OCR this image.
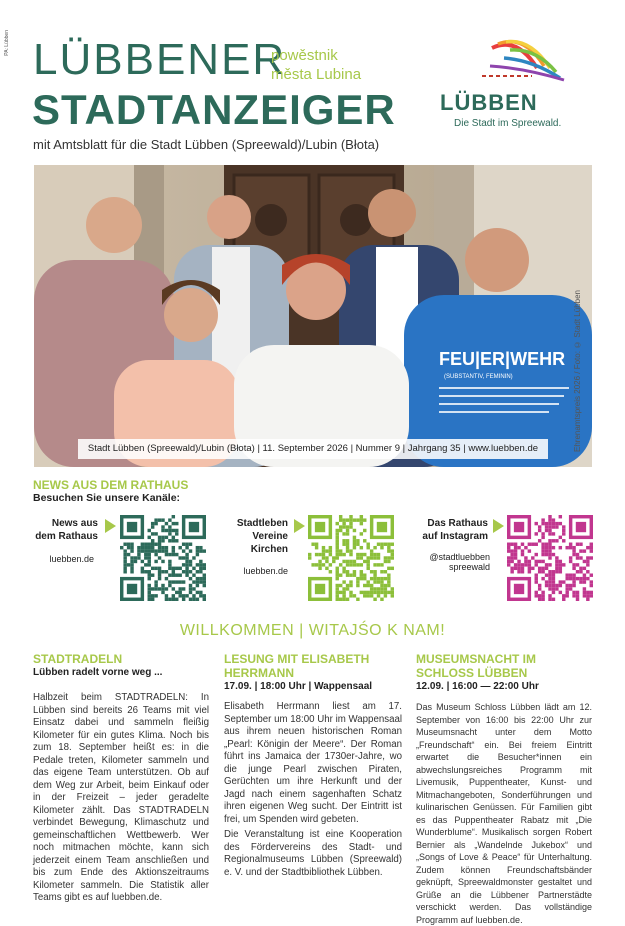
PA: Lübben LÜBBENER
powěstnik
města Lubina
STADTANZEIGER
mit Amtsblatt für die Stadt Lübben (Spreewald)/Lubin (Błota)
LÜBBEN
Die Stadt im Spreewald.
FEU|ER|WEHR
(SUBSTANTIV, FEMININ)
Stadt Lübben (Spreewald)/Lubin (Błota) | 11. September 2026 | Nummer 9 | Jahrgang 35 | www.luebben.de	Ehrenamtspreis 2026 / Foto: © Stadt Lübben
NEWS AUS DEM RATHAUS
Besuchen Sie unsere Kanäle:
News aus
dem Rathaus
luebben.de
Stadtleben
Vereine
Kirchen
luebben.de
Das Rathaus
auf Instagram
@stadtluebben
spreewald
WILLKOMMEN | WITAJŚO K NAM!
STADTRADELN
Lübben radelt vorne weg ...
Halbzeit beim STADTRADELN: In Lübben sind bereits 26 Teams mit viel Einsatz dabei und sammeln fleißig Kilometer für ein gutes Klima. Noch bis zum 18. September heißt es: in die Pedale treten, Kilometer sammeln und das eigene Team unterstützen. Ob auf dem Weg zur Arbeit, beim Einkauf oder in der Freizeit – jeder geradelte Kilometer zählt. Das STADTRADELN verbindet Bewegung, Klimaschutz und gemeinschaftlichen Wettbewerb. Wer noch mitmachen möchte, kann sich jederzeit einem Team anschließen und bis zum Ende des Aktionszeitraums Kilometer sammeln. Die Statistik aller Teams gibt es auf luebben.de.
LESUNG MIT ELISABETH
HERRMANN
17.09. | 18:00 Uhr | Wappensaal
Elisabeth Herrmann liest am 17. September um 18:00 Uhr im Wappensaal aus ihrem neuen historischen Roman „Pearl: Königin der Meere“. Der Roman führt ins Jamaica der 1730er-Jahre, wo die junge Pearl zwischen Piraten, Gerüchten um ihre Herkunft und der Jagd nach einem sagenhaften Schatz ihren eigenen Weg sucht. Der Eintritt ist frei, um Spenden wird gebeten.
Die Veranstaltung ist eine Kooperation des Fördervereins des Stadt- und Regionalmuseums Lübben (Spreewald) e. V. und der Stadtbibliothek Lübben.
MUSEUMSNACHT IM
SCHLOSS LÜBBEN
12.09. | 16:00 — 22:00 Uhr
Das Museum Schloss Lübben lädt am 12. September von 16:00 bis 22:00 Uhr zur Museumsnacht unter dem Motto „Freundschaft“ ein. Bei freiem Eintritt erwartet die Besucher*innen ein abwechslungsreiches Programm mit Livemusik, Puppentheater, Kunst- und Mitmachangeboten, Sonderführungen und kulinarischen Genüssen. Für Familien gibt es das Puppentheater Rabatz mit „Die Wunderblume“. Musikalisch sorgen Robert Bernier als „Wandelnde Jukebox“ und „Songs of Love & Peace“ für Unterhaltung. Zudem können Freundschaftsbänder geknüpft, Spreewaldmonster gestaltet und Grüße an die Lübbener Partnerstädte verschickt werden. Das vollständige Programm auf luebben.de.
